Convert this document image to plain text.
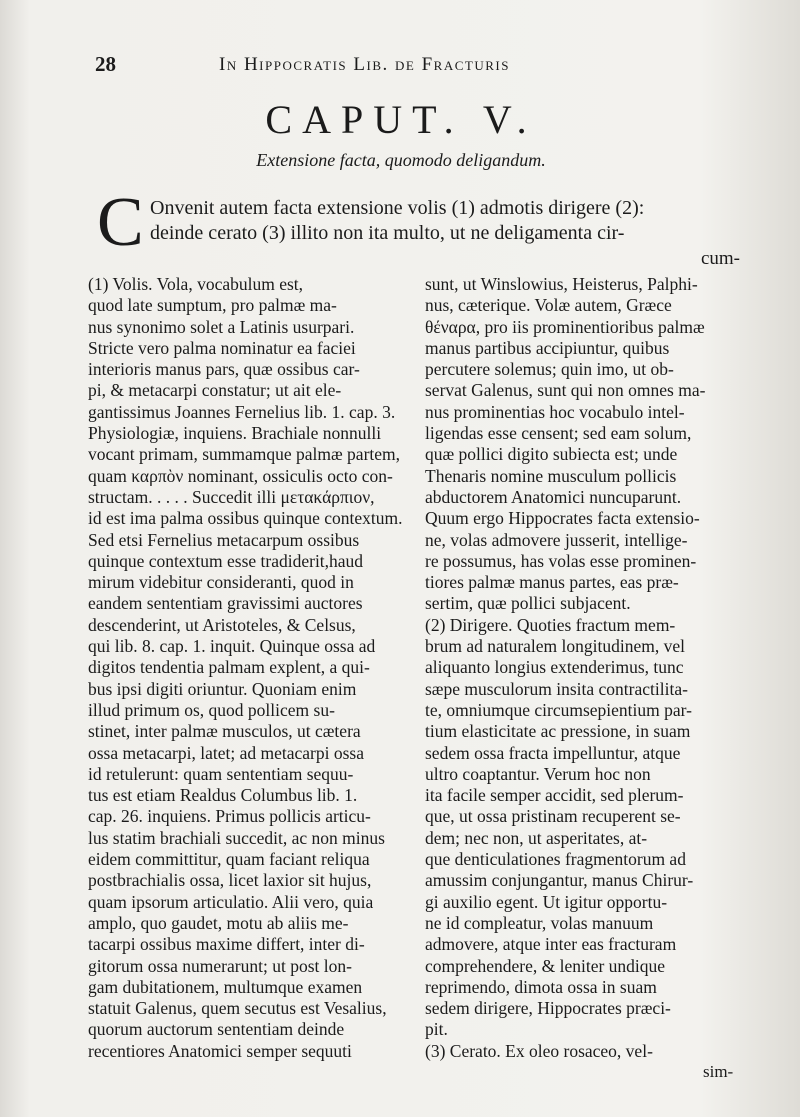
28	In Hippocratis Lib. de Fracturis
CAPUT. V.
Extensione facta, quomodo deligandum.
C Onvenit autem facta extensione volis (1) admotis dirigere (2):
deinde cerato (3) illito non ita multo, ut ne deligamenta cir-
cum-
(1) Volis. Vola, vocabulum est,
quod late sumptum, pro palmæ ma-
nus synonimo solet a Latinis usurpari.
Stricte vero palma nominatur ea faciei
interioris manus pars, quæ ossibus car-
pi, & metacarpi constatur; ut ait ele-
gantissimus Joannes Fernelius lib. 1. cap. 3.
Physiologiæ, inquiens. Brachiale nonnulli
vocant primam, summamque palmæ partem,
quam καρπὸν nominant, ossiculis octo con-
structam. . . . . Succedit illi μετακάρπιον,
id est ima palma ossibus quinque contextum.
Sed etsi Fernelius metacarpum ossibus
quinque contextum esse tradiderit,haud
mirum videbitur consideranti, quod in
eandem sententiam gravissimi auctores
descenderint, ut Aristoteles, & Celsus,
qui lib. 8. cap. 1. inquit. Quinque ossa ad
digitos tendentia palmam explent, a qui-
bus ipsi digiti oriuntur. Quoniam enim
illud primum os, quod pollicem su-
stinet, inter palmæ musculos, ut cætera
ossa metacarpi, latet; ad metacarpi ossa
id retulerunt: quam sententiam sequu-
tus est etiam Realdus Columbus lib. 1.
cap. 26. inquiens. Primus pollicis articu-
lus statim brachiali succedit, ac non minus
eidem committitur, quam faciant reliqua
postbrachialis ossa, licet laxior sit hujus,
quam ipsorum articulatio. Alii vero, quia
amplo, quo gaudet, motu ab aliis me-
tacarpi ossibus maxime differt, inter di-
gitorum ossa numerarunt; ut post lon-
gam dubitationem, multumque examen
statuit Galenus, quem secutus est Vesalius,
quorum auctorum sententiam deinde
recentiores Anatomici semper sequuti
sunt, ut Winslowius, Heisterus, Palphi-
nus, cæterique. Volæ autem, Græce
θέναρα, pro iis prominentioribus palmæ
manus partibus accipiuntur, quibus
percutere solemus; quin imo, ut ob-
servat Galenus, sunt qui non omnes ma-
nus prominentias hoc vocabulo intel-
ligendas esse censent; sed eam solum,
quæ pollici digito subiecta est; unde
Thenaris nomine musculum pollicis
abductorem Anatomici nuncuparunt.
Quum ergo Hippocrates facta extensio-
ne, volas admovere jusserit, intellige-
re possumus, has volas esse prominen-
tiores palmæ manus partes, eas præ-
sertim, quæ pollici subjacent.
(2) Dirigere. Quoties fractum mem-
brum ad naturalem longitudinem, vel
aliquanto longius extenderimus, tunc
sæpe musculorum insita contractilita-
te, omniumque circumsepientium par-
tium elasticitate ac pressione, in suam
sedem ossa fracta impelluntur, atque
ultro coaptantur. Verum hoc non
ita facile semper accidit, sed plerum-
que, ut ossa pristinam recuperent se-
dem; nec non, ut asperitates, at-
que denticulationes fragmentorum ad
amussim conjungantur, manus Chirur-
gi auxilio egent. Ut igitur opportu-
ne id compleatur, volas manuum
admovere, atque inter eas fracturam
comprehendere, & leniter undique
reprimendo, dimota ossa in suam
sedem dirigere, Hippocrates præci-
pit.
(3) Cerato. Ex oleo rosaceo, vel-
sim-
